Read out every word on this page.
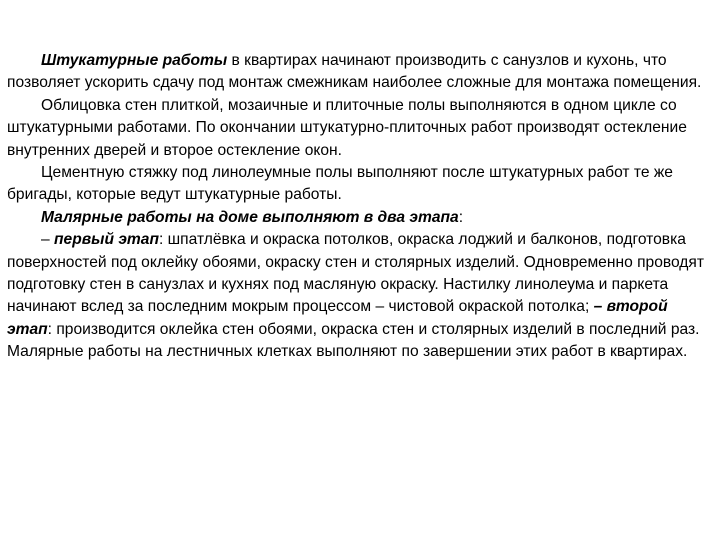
Штукатурные работы в квартирах начинают производить с санузлов и кухонь, что позволяет ускорить сдачу под монтаж смежникам наиболее сложные для монтажа помещения.

Облицовка стен плиткой, мозаичные и плиточные полы выполняются в одном цикле со штукатурными работами. По окончании штукатурно-плиточных работ производят остекление внутренних дверей и второе остекление окон.

Цементную стяжку под линолеумные полы выполняют после штукатурных работ те же бригады, которые ведут штукатурные работы.

Малярные работы на доме выполняют в два этапа:

– первый этап: шпатлёвка и окраска потолков, окраска лоджий и балконов, подготовка поверхностей под оклейку обоями, окраску стен и столярных изделий. Одновременно проводят подготовку стен в санузлах и кухнях под масляную окраску. Настилку линолеума и паркета начинают вслед за последним мокрым процессом – чистовой окраской потолка; – второй этап: производится оклейка стен обоями, окраска стен и столярных изделий в последний раз. Малярные работы на лестничных клетках выполняют по завершении этих работ в квартирах.
